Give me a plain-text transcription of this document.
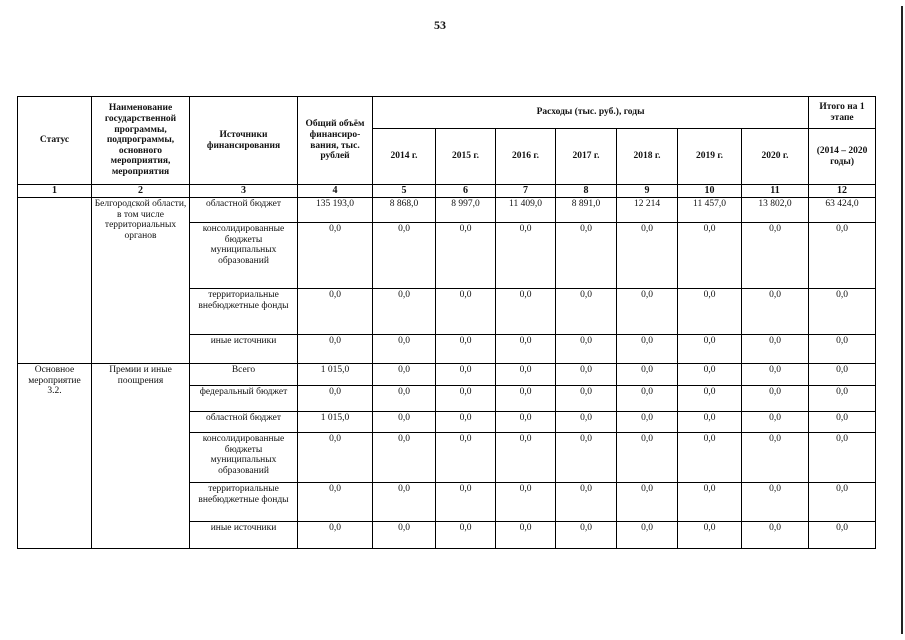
53
Статус	Наименование государственной программы, подпрограммы, основного мероприятия, мероприятия	Источники финансирования	Общий объём финансиро-вания, тыс. рублей	Расходы (тыс. руб.), годы							Итого на 1 этапе
				2014 г.	2015 г.	2016 г.	2017 г.	2018 г.	2019 г.	2020 г.	(2014 – 2020 годы)
1	2	3	4	5	6	7	8	9	10	11	12
	Белгородской области, в том числе территориальных органов	областной бюджет	135 193,0	8 868,0	8 997,0	11 409,0	8 891,0	12 214	11 457,0	13 802,0	63 424,0
		консолидированные бюджеты муниципальных образований	0,0	0,0	0,0	0,0	0,0	0,0	0,0	0,0	0,0
		территориальные внебюджетные фонды	0,0	0,0	0,0	0,0	0,0	0,0	0,0	0,0	0,0
		иные источники	0,0	0,0	0,0	0,0	0,0	0,0	0,0	0,0	0,0
Основное мероприятие 3.2.	Премии и иные поощрения	Всего	1 015,0	0,0	0,0	0,0	0,0	0,0	0,0	0,0	0,0
		федеральный бюджет	0,0	0,0	0,0	0,0	0,0	0,0	0,0	0,0	0,0
		областной бюджет	1 015,0	0,0	0,0	0,0	0,0	0,0	0,0	0,0	0,0
		консолидированные бюджеты муниципальных образований	0,0	0,0	0,0	0,0	0,0	0,0	0,0	0,0	0,0
		территориальные внебюджетные фонды	0,0	0,0	0,0	0,0	0,0	0,0	0,0	0,0	0,0
		иные источники	0,0	0,0	0,0	0,0	0,0	0,0	0,0	0,0	0,0
